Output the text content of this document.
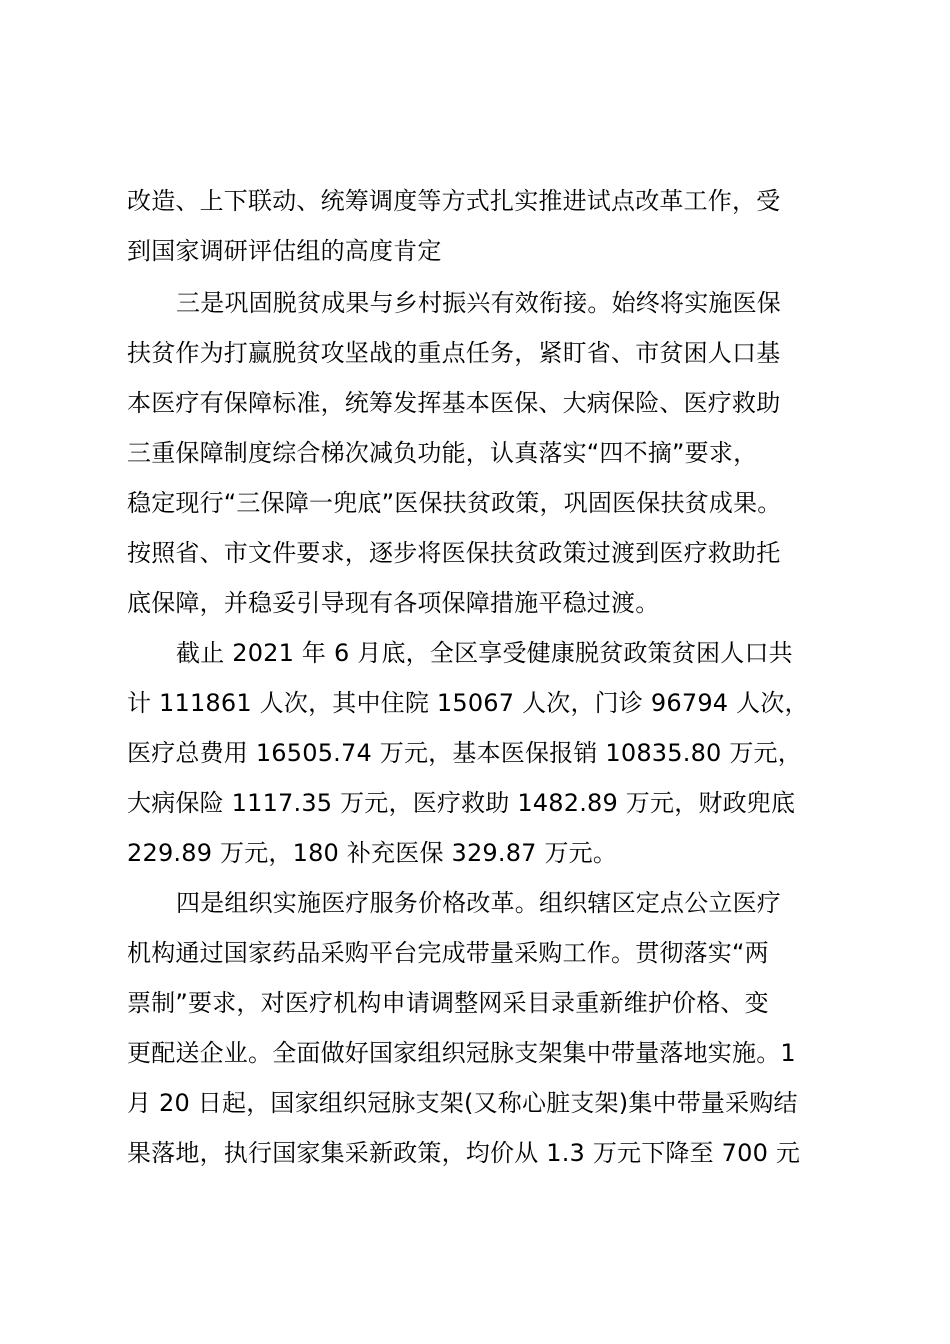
改造、上下联动、统筹调度等方式扎实推进试点改革工作，受
到国家调研评估组的高度肯定
三是巩固脱贫成果与乡村振兴有效衔接。始终将实施医保
扶贫作为打赢脱贫攻坚战的重点任务，紧盯省、市贫困人口基
本医疗有保障标准，统筹发挥基本医保、大病保险、医疗救助
三重保障制度综合梯次减负功能，认真落实“四不摘”要求，
稳定现行“三保障一兜底”医保扶贫政策，巩固医保扶贫成果。
按照省、市文件要求，逐步将医保扶贫政策过渡到医疗救助托
底保障，并稳妥引导现有各项保障措施平稳过渡。
截止 2021 年 6 月底，全区享受健康脱贫政策贫困人口共
计 111861 人次，其中住院 15067 人次，门诊 96794 人次，
医疗总费用 16505.74 万元，基本医保报销 10835.80 万元，
大病保险 1117.35 万元，医疗救助 1482.89 万元，财政兜底
229.89 万元，180 补充医保 329.87 万元。
四是组织实施医疗服务价格改革。组织辖区定点公立医疗
机构通过国家药品采购平台完成带量采购工作。贯彻落实“两
票制”要求，对医疗机构申请调整网采目录重新维护价格、变
更配送企业。全面做好国家组织冠脉支架集中带量落地实施。1
月 20 日起，国家组织冠脉支架(又称心脏支架)集中带量采购结
果落地，执行国家集采新政策，均价从 1.3 万元下降至 700 元
